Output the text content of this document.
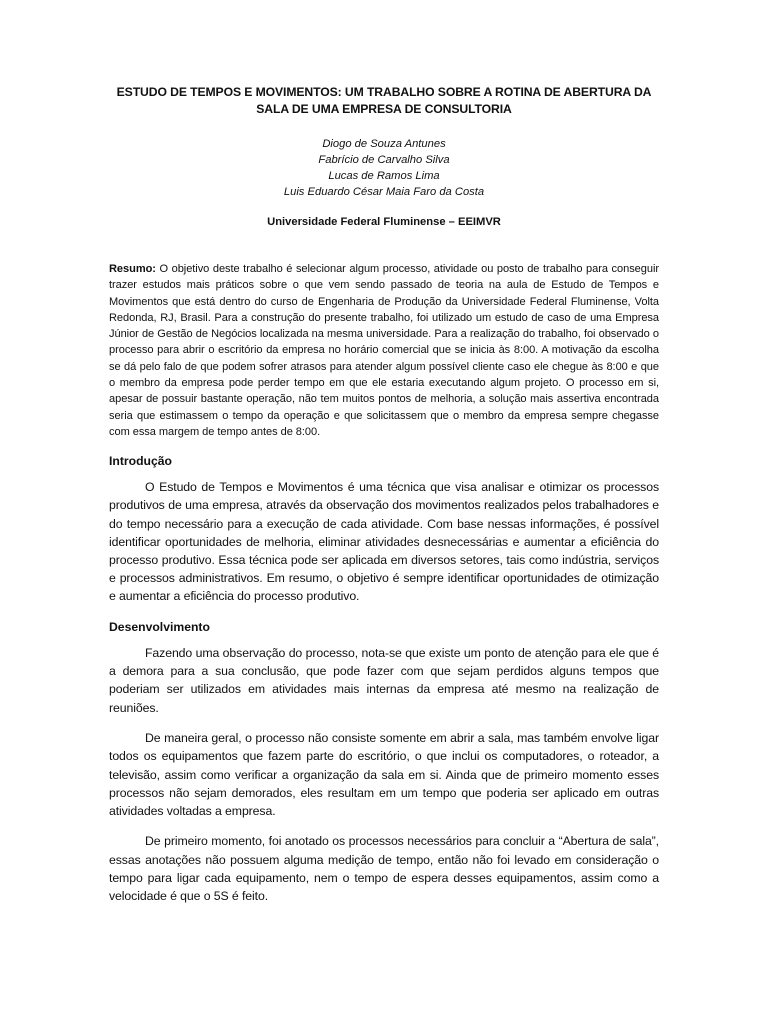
ESTUDO DE TEMPOS E MOVIMENTOS: UM TRABALHO SOBRE A ROTINA DE ABERTURA DA SALA DE UMA EMPRESA DE CONSULTORIA
Diogo de Souza Antunes
Fabrício de Carvalho Silva
Lucas de Ramos Lima
Luis Eduardo César Maia Faro da Costa
Universidade Federal Fluminense – EEIMVR

Resumo: O objetivo deste trabalho é selecionar algum processo, atividade ou posto de trabalho para conseguir trazer estudos mais práticos sobre o que vem sendo passado de teoria na aula de Estudo de Tempos e Movimentos que está dentro do curso de Engenharia de Produção da Universidade Federal Fluminense, Volta Redonda, RJ, Brasil. Para a construção do presente trabalho, foi utilizado um estudo de caso de uma Empresa Júnior de Gestão de Negócios localizada na mesma universidade. Para a realização do trabalho, foi observado o processo para abrir o escritório da empresa no horário comercial que se inicia às 8:00. A motivação da escolha se dá pelo falo de que podem sofrer atrasos para atender algum possível cliente caso ele chegue às 8:00 e que o membro da empresa pode perder tempo em que ele estaria executando algum projeto. O processo em si, apesar de possuir bastante operação, não tem muitos pontos de melhoria, a solução mais assertiva encontrada seria que estimassem o tempo da operação e que solicitassem que o membro da empresa sempre chegasse com essa margem de tempo antes de 8:00.

Introdução

O Estudo de Tempos e Movimentos é uma técnica que visa analisar e otimizar os processos produtivos de uma empresa, através da observação dos movimentos realizados pelos trabalhadores e do tempo necessário para a execução de cada atividade. Com base nessas informações, é possível identificar oportunidades de melhoria, eliminar atividades desnecessárias e aumentar a eficiência do processo produtivo. Essa técnica pode ser aplicada em diversos setores, tais como indústria, serviços e processos administrativos. Em resumo, o objetivo é sempre identificar oportunidades de otimização e aumentar a eficiência do processo produtivo.

Desenvolvimento

Fazendo uma observação do processo, nota-se que existe um ponto de atenção para ele que é a demora para a sua conclusão, que pode fazer com que sejam perdidos alguns tempos que poderiam ser utilizados em atividades mais internas da empresa até mesmo na realização de reuniões.

De maneira geral, o processo não consiste somente em abrir a sala, mas também envolve ligar todos os equipamentos que fazem parte do escritório, o que inclui os computadores, o roteador, a televisão, assim como verificar a organização da sala em si. Ainda que de primeiro momento esses processos não sejam demorados, eles resultam em um tempo que poderia ser aplicado em outras atividades voltadas a empresa.

De primeiro momento, foi anotado os processos necessários para concluir a “Abertura de sala”, essas anotações não possuem alguma medição de tempo, então não foi levado em consideração o tempo para ligar cada equipamento, nem o tempo de espera desses equipamentos, assim como a velocidade é que o 5S é feito.
